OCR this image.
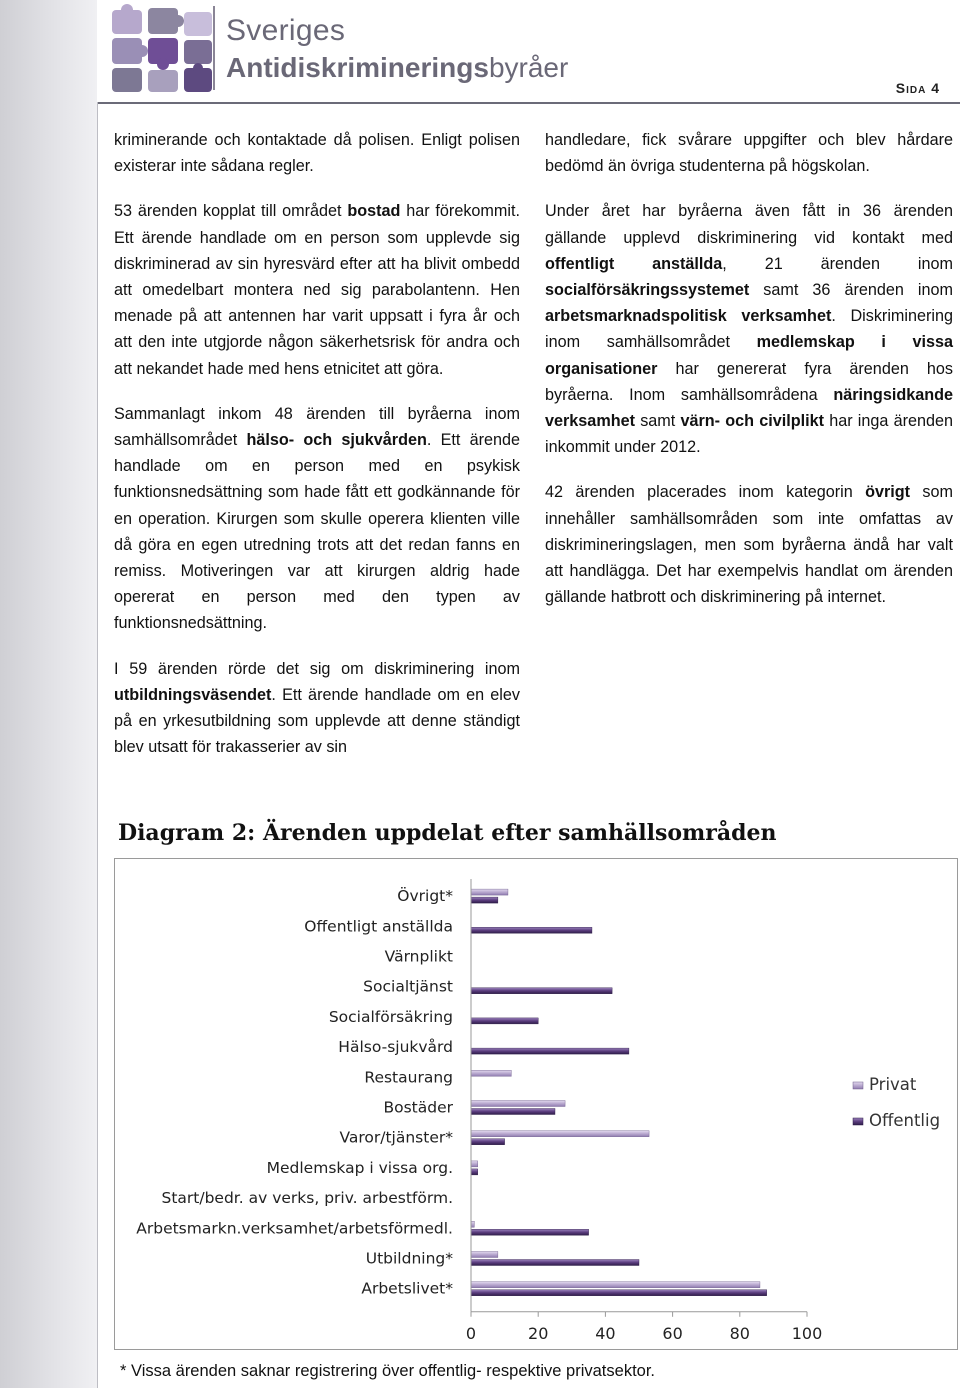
Sveriges
Antidiskrimineringsbyråer
Sida 4

kriminerande och kontaktade då polisen. Enligt polisen existerar inte sådana regler.

53 ärenden kopplat till området bostad har förekommit. Ett ärende handlade om en person som upplevde sig diskriminerad av sin hyresvärd efter att ha blivit ombedd att omedelbart montera ned sig parabolantenn. Hen menade på att antennen har varit uppsatt i fyra år och att den inte utgjorde någon säkerhetsrisk för andra och att nekandet hade med hens etnicitet att göra.

Sammanlagt inkom 48 ärenden till byråerna inom samhällsområdet hälso- och sjukvården. Ett ärende handlade om en person med en psykisk funktionsnedsättning som hade fått ett godkännande för en operation. Kirurgen som skulle operera klienten ville då göra en egen utredning trots att det redan fanns en remiss. Motiveringen var att kirurgen aldrig hade opererat en person med den typen av funktionsnedsättning.

I 59 ärenden rörde det sig om diskriminering inom utbildningsväsendet. Ett ärende handlade om en elev på en yrkesutbildning som upplevde att denne ständigt blev utsatt för trakasserier av sin

handledare, fick svårare uppgifter och blev hårdare bedömd än övriga studenterna på högskolan.

Under året har byråerna även fått in 36 ärenden gällande upplevd diskriminering vid kontakt med offentligt anställda, 21 ärenden inom socialförsäkringssystemet samt 36 ärenden inom arbetsmarknadspolitisk verksamhet. Diskriminering inom samhällsområdet medlemskap i vissa organisationer har genererat fyra ärenden hos byråerna. Inom samhällsområdena näringsidkande verksamhet samt värn- och civilplikt har inga ärenden inkommit under 2012.

42 ärenden placerades inom kategorin övrigt som innehåller samhällsområden som inte omfattas av diskrimineringslagen, men som byråerna ändå har valt att handlägga. Det har exempelvis handlat om ärenden gällande hatbrott och diskriminering på internet.

Diagram 2: Ärenden uppdelat efter samhällsområden
Övrigt*
Offentligt anställda
Värnplikt
Socialtjänst
Socialförsäkring
Hälso-sjukvård
Restaurang
Bostäder
Varor/tjänster*
Medlemskap i vissa org.
Start/bedr. av verks, priv. arbestförm.
Arbetsmarkn.verksamhet/arbetsförmedl.
Utbildning*
Arbetslivet*
0	20	40	60	80	100
Privat
Offentlig
* Vissa ärenden saknar registrering över offentlig- respektive privatsektor.
